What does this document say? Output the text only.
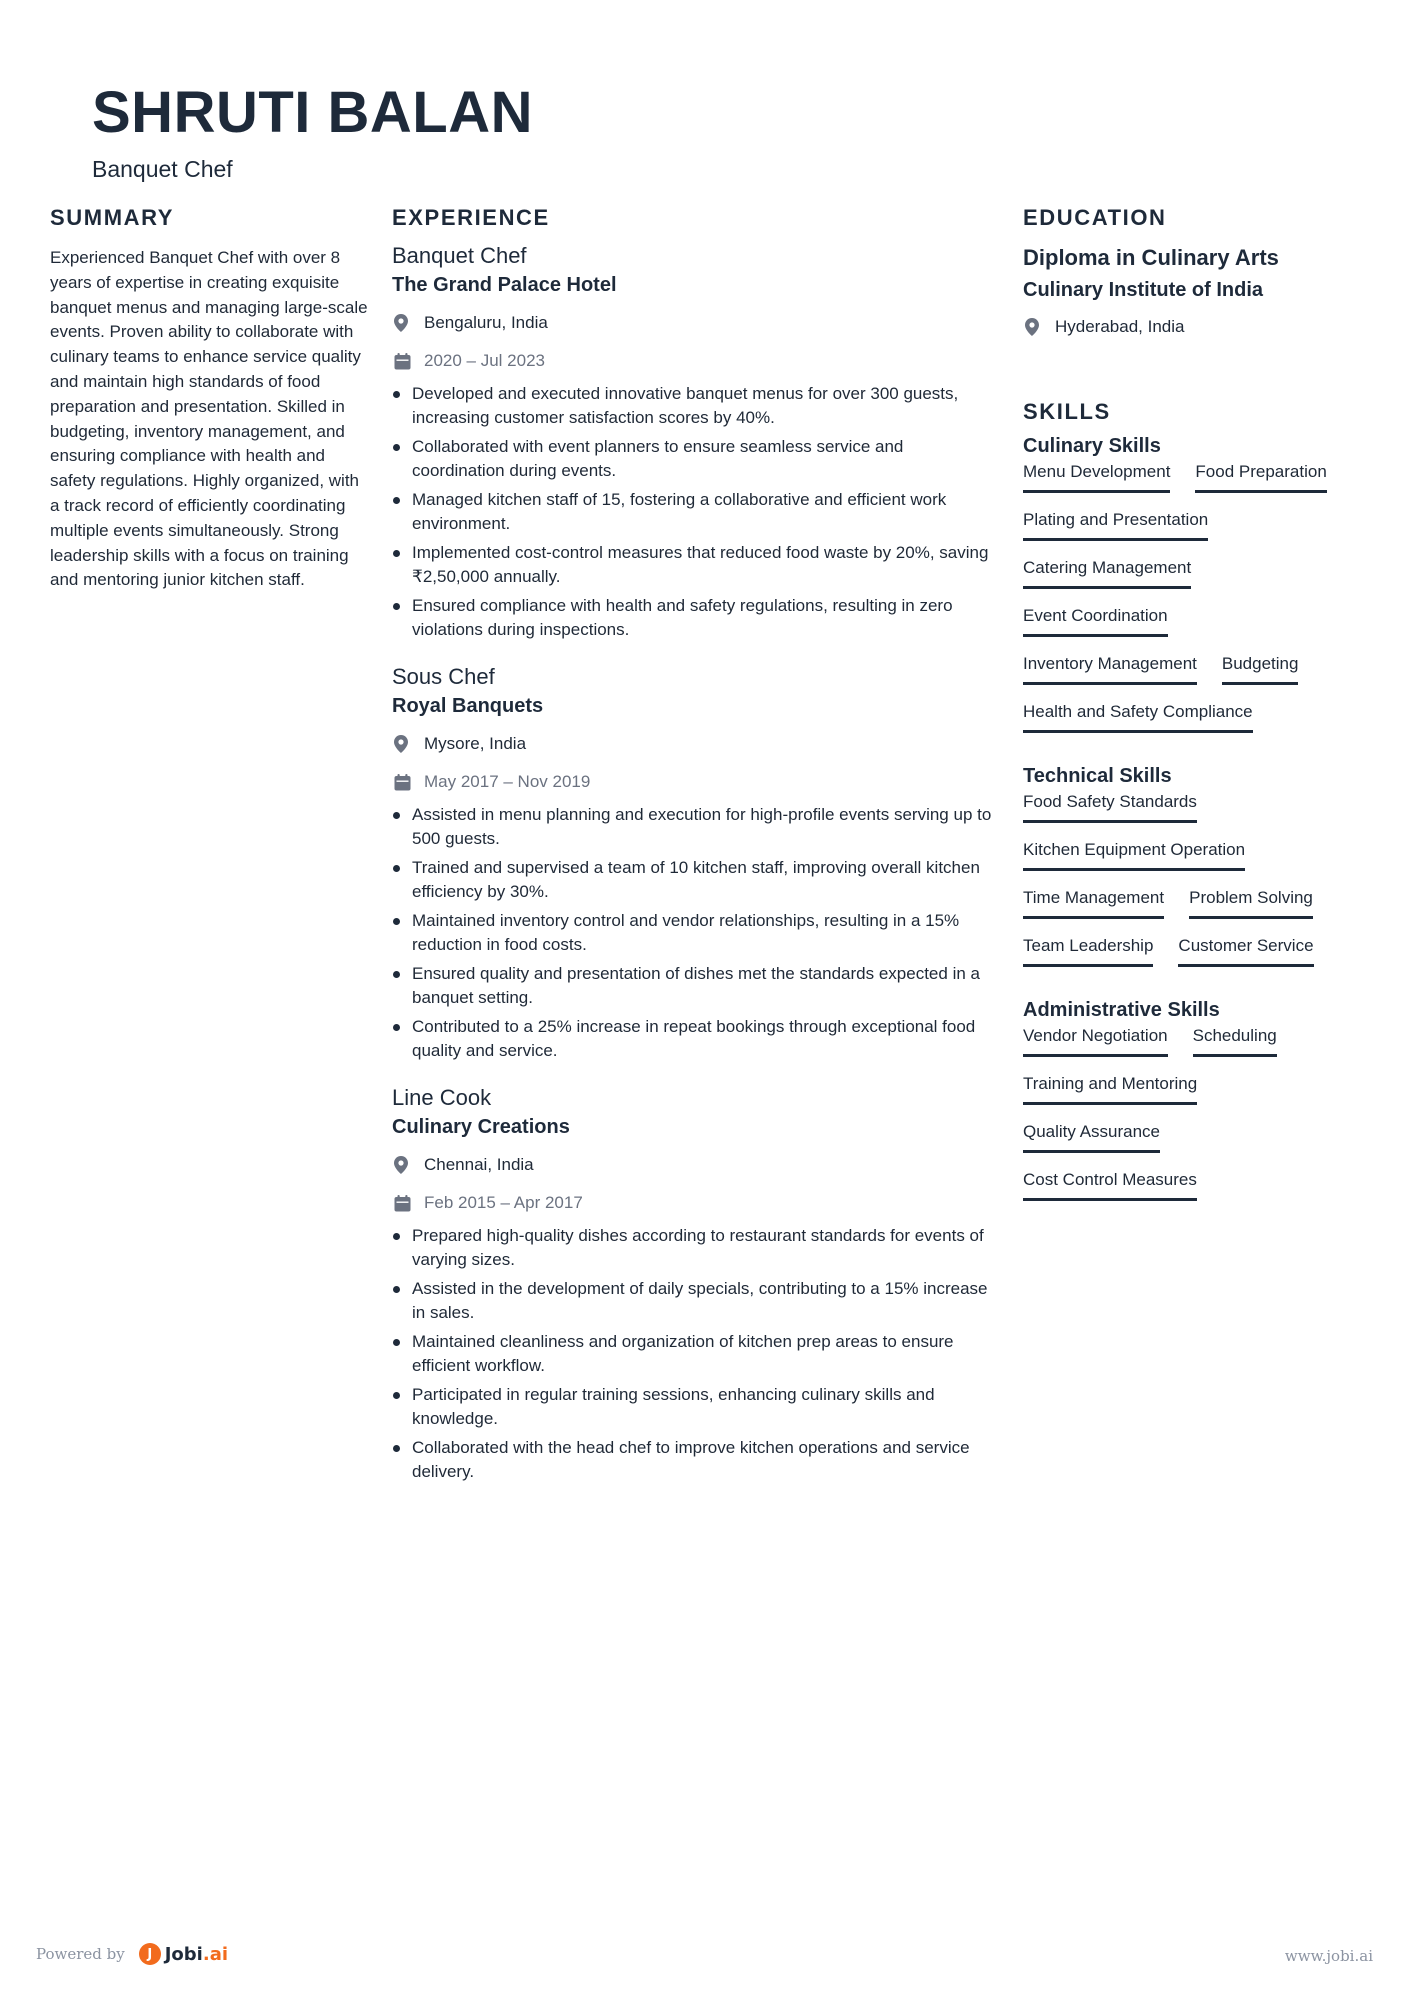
SHRUTI BALAN
Banquet Chef
SUMMARY

Experienced Banquet Chef with over 8 years of expertise in creating exquisite banquet menus and managing large-scale events. Proven ability to collaborate with culinary teams to enhance service quality and maintain high standards of food preparation and presentation. Skilled in budgeting, inventory management, and ensuring compliance with health and safety regulations. Highly organized, with a track record of efficiently coordinating multiple events simultaneously. Strong leadership skills with a focus on training and mentoring junior kitchen staff.

EXPERIENCE

Banquet Chef

The Grand Palace Hotel

Bengaluru, India
2020 – Jul 2023
Developed and executed innovative banquet menus for over 300 guests, increasing customer satisfaction scores by 40%.
Collaborated with event planners to ensure seamless service and coordination during events.
Managed kitchen staff of 15, fostering a collaborative and efficient work environment.
Implemented cost-control measures that reduced food waste by 20%, saving ₹2,50,000 annually.
Ensured compliance with health and safety regulations, resulting in zero violations during inspections.

Sous Chef

Royal Banquets

Mysore, India
May 2017 – Nov 2019
Assisted in menu planning and execution for high-profile events serving up to 500 guests.
Trained and supervised a team of 10 kitchen staff, improving overall kitchen efficiency by 30%.
Maintained inventory control and vendor relationships, resulting in a 15% reduction in food costs.
Ensured quality and presentation of dishes met the standards expected in a banquet setting.
Contributed to a 25% increase in repeat bookings through exceptional food quality and service.

Line Cook

Culinary Creations

Chennai, India
Feb 2015 – Apr 2017
Prepared high-quality dishes according to restaurant standards for events of varying sizes.
Assisted in the development of daily specials, contributing to a 15% increase in sales.
Maintained cleanliness and organization of kitchen prep areas to ensure efficient workflow.
Participated in regular training sessions, enhancing culinary skills and knowledge.
Collaborated with the head chef to improve kitchen operations and service delivery.
EDUCATION

Diploma in Culinary Arts

Culinary Institute of India

Hyderabad, India
SKILLS

Culinary Skills

Menu Development Food Preparation
Plating and Presentation
Catering Management
Event Coordination
Inventory Management Budgeting
Health and Safety Compliance

Technical Skills

Food Safety Standards
Kitchen Equipment Operation
Time Management Problem Solving
Team Leadership Customer Service

Administrative Skills

Vendor Negotiation Scheduling
Training and Mentoring
Quality Assurance
Cost Control Measures
Powered by	J Jobi.ai	www.jobi.ai
